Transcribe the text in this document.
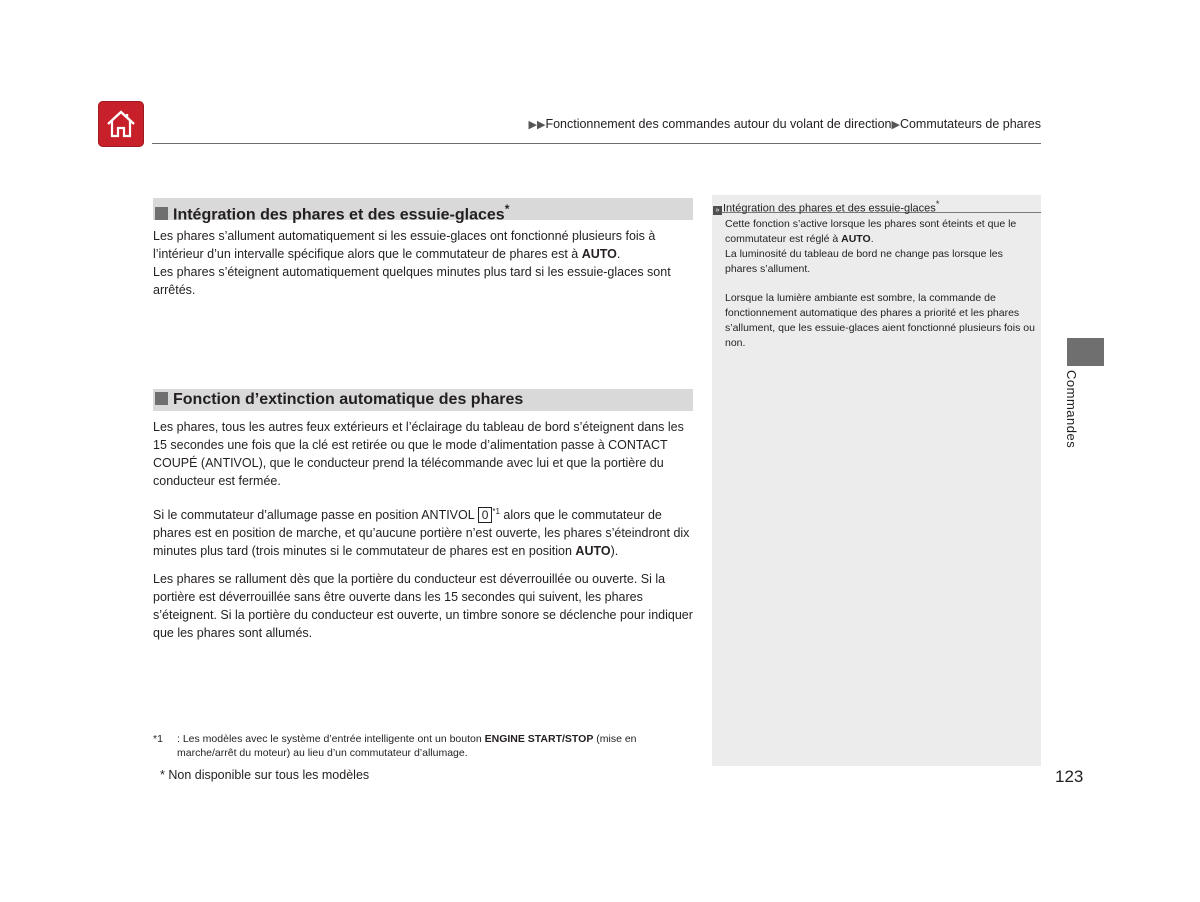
▶▶Fonctionnement des commandes autour du volant de direction▶Commutateurs de phares
Intégration des phares et des essuie-glaces*
Les phares s’allument automatiquement si les essuie-glaces ont fonctionné plusieurs fois à l’intérieur d’un intervalle spécifique alors que le commutateur de phares est à AUTO.
Les phares s’éteignent automatiquement quelques minutes plus tard si les essuie-glaces sont arrêtés.
Fonction d’extinction automatique des phares
Les phares, tous les autres feux extérieurs et l’éclairage du tableau de bord s’éteignent dans les 15 secondes une fois que la clé est retirée ou que le mode d’alimentation passe à CONTACT COUPÉ (ANTIVOL), que le conducteur prend la télécommande avec lui et que la portière du conducteur est fermée.
Si le commutateur d’allumage passe en position ANTIVOL 0 $^{*1}$ alors que le commutateur de phares est en position de marche, et qu’aucune portière n’est ouverte, les phares s’éteindront dix minutes plus tard (trois minutes si le commutateur de phares est en position AUTO).
Les phares se rallument dès que la portière du conducteur est déverrouillée ou ouverte. Si la portière est déverrouillée sans être ouverte dans les 15 secondes qui suivent, les phares s’éteignent. Si la portière du conducteur est ouverte, un timbre sonore se déclenche pour indiquer que les phares sont allumés.
» Intégration des phares et des essuie-glaces*
Cette fonction s’active lorsque les phares sont éteints et que le commutateur est réglé à AUTO.
La luminosité du tableau de bord ne change pas lorsque les phares s’allument.
Lorsque la lumière ambiante est sombre, la commande de fonctionnement automatique des phares a priorité et les phares s’allument, que les essuie-glaces aient fonctionné plusieurs fois ou non.
Commandes
*1 : Les modèles avec le système d’entrée intelligente ont un bouton ENGINE START/STOP (mise en marche/arrêt du moteur) au lieu d’un commutateur d’allumage.
* Non disponible sur tous les modèles	123
